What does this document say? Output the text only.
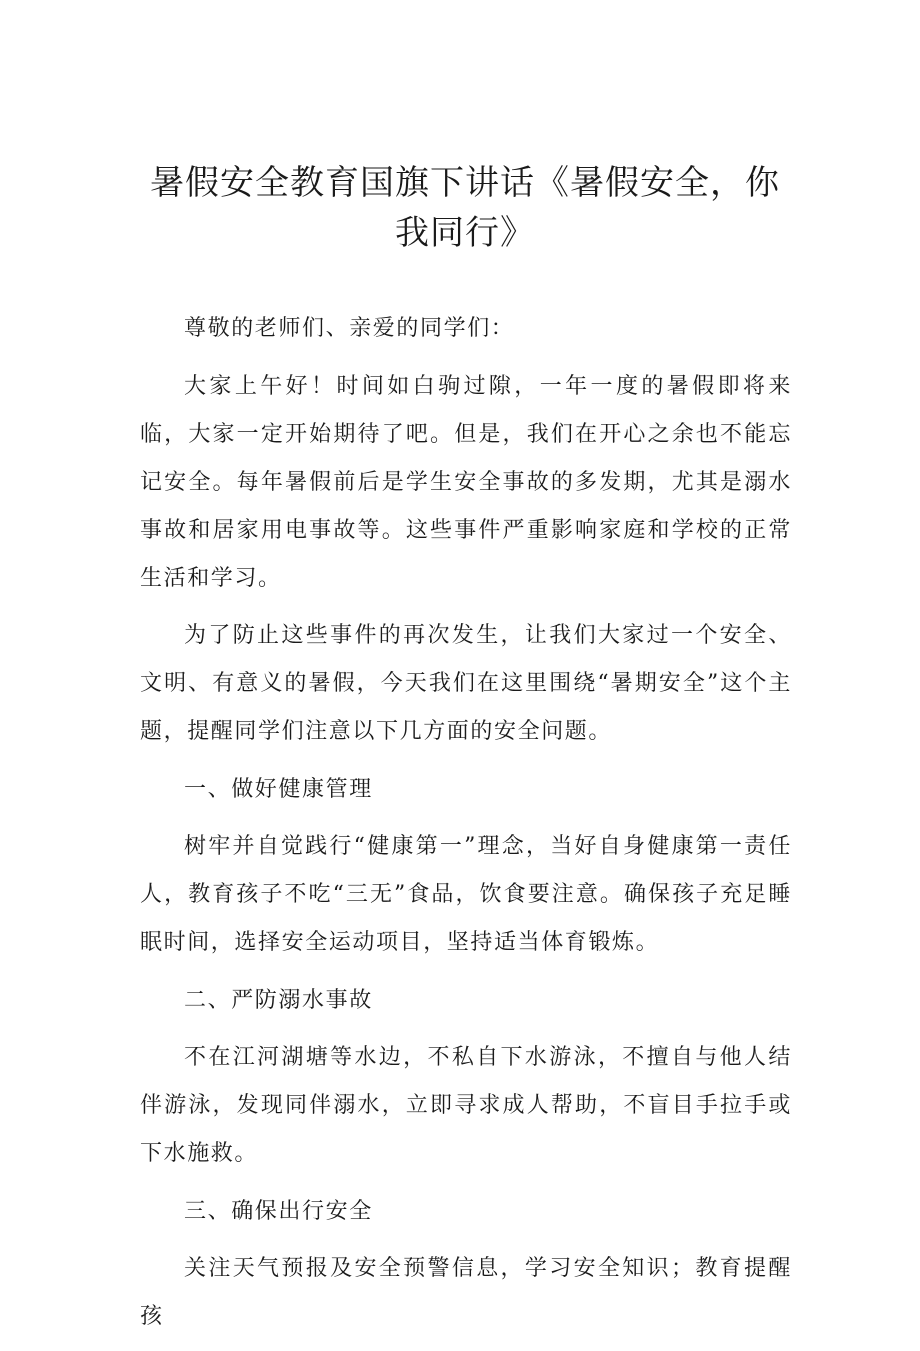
暑假安全教育国旗下讲话《暑假安全，你我同行》

尊敬的老师们、亲爱的同学们：

大家上午好！时间如白驹过隙，一年一度的暑假即将来临，大家一定开始期待了吧。但是，我们在开心之余也不能忘记安全。每年暑假前后是学生安全事故的多发期，尤其是溺水事故和居家用电事故等。这些事件严重影响家庭和学校的正常生活和学习。

为了防止这些事件的再次发生，让我们大家过一个安全、文明、有意义的暑假，今天我们在这里围绕“暑期安全”这个主题，提醒同学们注意以下几方面的安全问题。

一、做好健康管理

树牢并自觉践行“健康第一”理念，当好自身健康第一责任人，教育孩子不吃“三无”食品，饮食要注意。确保孩子充足睡眠时间，选择安全运动项目，坚持适当体育锻炼。

二、严防溺水事故

不在江河湖塘等水边，不私自下水游泳，不擅自与他人结伴游泳，发现同伴溺水，立即寻求成人帮助，不盲目手拉手或下水施救。

三、确保出行安全

关注天气预报及安全预警信息，学习安全知识；教育提醒孩
